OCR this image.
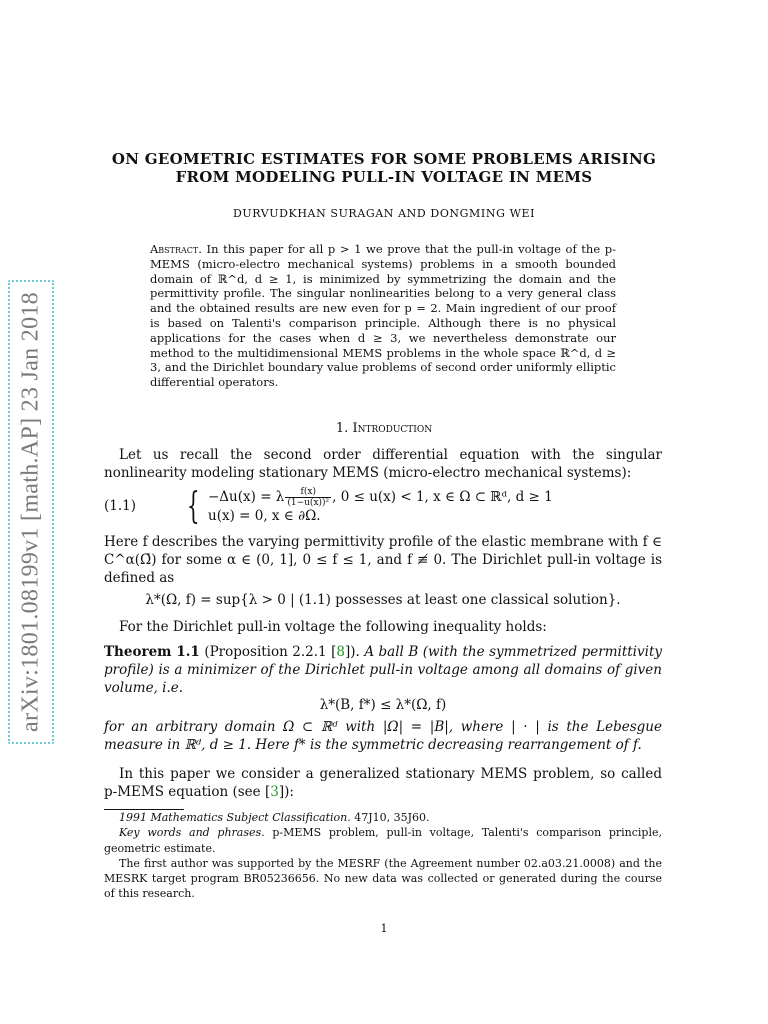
arXiv:1801.08199v1 [math.AP] 23 Jan 2018
ON GEOMETRIC ESTIMATES FOR SOME PROBLEMS ARISING
FROM MODELING PULL-IN VOLTAGE IN MEMS
DURVUDKHAN SURAGAN AND DONGMING WEI
Abstract. In this paper for all p > 1 we prove that the pull-in voltage of the p-MEMS (micro-electro mechanical systems) problems in a smooth bounded domain of ℝ^d, d ≥ 1, is minimized by symmetrizing the domain and the permittivity profile. The singular nonlinearities belong to a very general class and the obtained results are new even for p = 2. Main ingredient of our proof is based on Talenti's comparison principle. Although there is no physical applications for the cases when d ≥ 3, we nevertheless demonstrate our method to the multidimensional MEMS problems in the whole space ℝ^d, d ≥ 3, and the Dirichlet boundary value problems of second order uniformly elliptic differential operators.
1. Introduction
Let us recall the second order differential equation with the singular nonlinearity modeling stationary MEMS (micro-electro mechanical systems):
(1.1) { −Δu(x) = λ $\frac{f(x)}{\text{(1−u(x))²}}$ , 0 ≤ u(x) < 1, x ∈ Ω ⊂ ℝᵈ, d ≥ 1
u(x) = 0, x ∈ ∂Ω.
Here f describes the varying permittivity profile of the elastic membrane with f ∈ C^α(Ω̄) for some α ∈ (0, 1], 0 ≤ f ≤ 1, and f ≢ 0. The Dirichlet pull-in voltage is defined as
λ*(Ω, f) = sup{λ > 0 | (1.1) possesses at least one classical solution}.
For the Dirichlet pull-in voltage the following inequality holds:
Theorem 1.1 (Proposition 2.2.1 [8]). A ball B (with the symmetrized permittivity profile) is a minimizer of the Dirichlet pull-in voltage among all domains of given volume, i.e.
λ*(B, f*) ≤ λ*(Ω, f)
for an arbitrary domain Ω ⊂ ℝᵈ with |Ω| = |B|, where | · | is the Lebesgue measure in ℝᵈ, d ≥ 1. Here f* is the symmetric decreasing rearrangement of f.
In this paper we consider a generalized stationary MEMS problem, so called p-MEMS equation (see [3]):

1991 Mathematics Subject Classification. 47J10, 35J60.

Key words and phrases. p-MEMS problem, pull-in voltage, Talenti's comparison principle, geometric estimate.

The first author was supported by the MESRF (the Agreement number 02.a03.21.0008) and the MESRK target program BR05236656. No new data was collected or generated during the course of this research.

1
